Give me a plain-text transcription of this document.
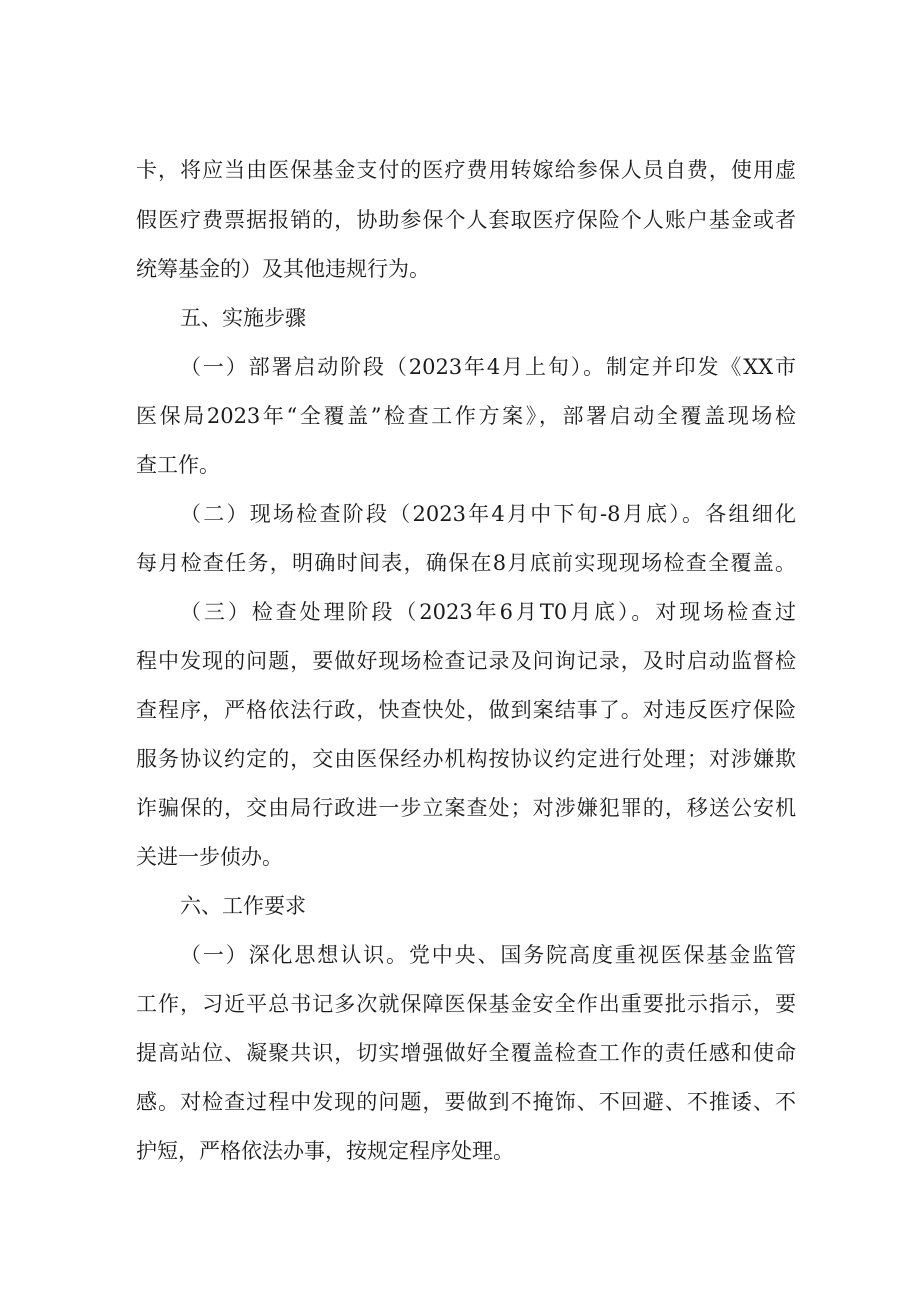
卡，将应当由医保基金支付的医疗费用转嫁给参保人员自费，使用虚
假医疗费票据报销的，协助参保个人套取医疗保险个人账户基金或者
统筹基金的）及其他违规行为。
五、实施步骤
（一）部署启动阶段（2023年4月上旬）。制定并印发《XX市
医保局2023年“全覆盖”检查工作方案》，部署启动全覆盖现场检
查工作。
（二）现场检查阶段（2023年4月中下旬-8月底）。各组细化
每月检查任务，明确时间表，确保在8月底前实现现场检查全覆盖。
（三）检查处理阶段（2023年6月T0月底）。对现场检查过
程中发现的问题，要做好现场检查记录及问询记录，及时启动监督检
查程序，严格依法行政，快查快处，做到案结事了。对违反医疗保险
服务协议约定的，交由医保经办机构按协议约定进行处理；对涉嫌欺
诈骗保的，交由局行政进一步立案查处；对涉嫌犯罪的，移送公安机
关进一步侦办。
六、工作要求
（一）深化思想认识。党中央、国务院高度重视医保基金监管
工作，习近平总书记多次就保障医保基金安全作出重要批示指示，要
提高站位、凝聚共识，切实增强做好全覆盖检查工作的责任感和使命
感。对检查过程中发现的问题，要做到不掩饰、不回避、不推诿、不
护短，严格依法办事，按规定程序处理。
